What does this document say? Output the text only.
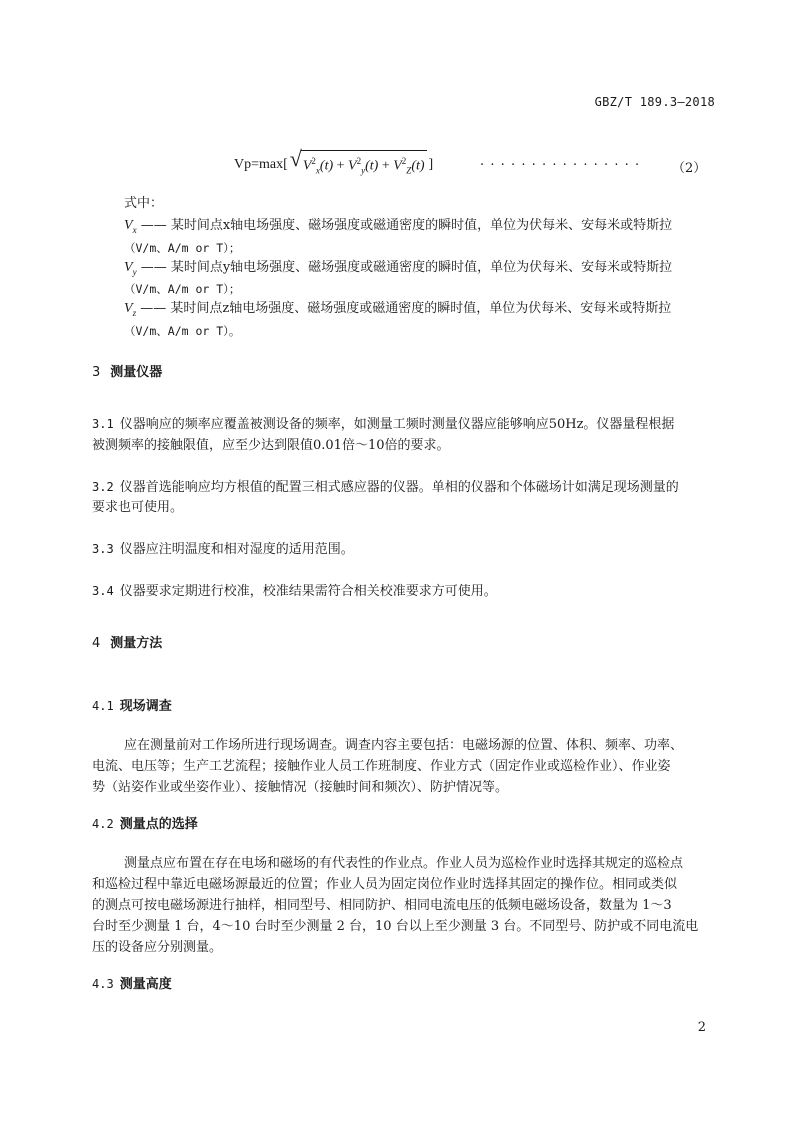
GBZ/T 189.3—2018
Vp=max[ √ $V^2_x(t) + V^2_y(t) + V^2_Z(t)$ ]	················ （2）
式中：
$V_x$ —— 某时间点x轴电场强度、磁场强度或磁通密度的瞬时值，单位为伏每米、安每米或特斯拉
（V/m、A/m or T）；
$V_y$ —— 某时间点y轴电场强度、磁场强度或磁通密度的瞬时值，单位为伏每米、安每米或特斯拉
（V/m、A/m or T）；
$V_z$ —— 某时间点z轴电场强度、磁场强度或磁通密度的瞬时值，单位为伏每米、安每米或特斯拉
（V/m、A/m or T）。
3 测量仪器
3.1 仪器响应的频率应覆盖被测设备的频率，如测量工频时测量仪器应能够响应50Hz。仪器量程根据
被测频率的接触限值，应至少达到限值0.01倍～10倍的要求。
3.2 仪器首选能响应均方根值的配置三相式感应器的仪器。单相的仪器和个体磁场计如满足现场测量的
要求也可使用。
3.3 仪器应注明温度和相对湿度的适用范围。
3.4 仪器要求定期进行校准，校准结果需符合相关校准要求方可使用。
4 测量方法
4.1 现场调查
应在测量前对工作场所进行现场调查。调查内容主要包括：电磁场源的位置、体积、频率、功率、
电流、电压等；生产工艺流程；接触作业人员工作班制度、作业方式（固定作业或巡检作业）、作业姿
势（站姿作业或坐姿作业）、接触情况（接触时间和频次）、防护情况等。
4.2 测量点的选择
测量点应布置在存在电场和磁场的有代表性的作业点。作业人员为巡检作业时选择其规定的巡检点
和巡检过程中靠近电磁场源最近的位置；作业人员为固定岗位作业时选择其固定的操作位。相同或类似
的测点可按电磁场源进行抽样，相同型号、相同防护、相同电流电压的低频电磁场设备，数量为 1～3
台时至少测量 1 台，4～10 台时至少测量 2 台，10 台以上至少测量 3 台。不同型号、防护或不同电流电
压的设备应分别测量。
4.3 测量高度
2
